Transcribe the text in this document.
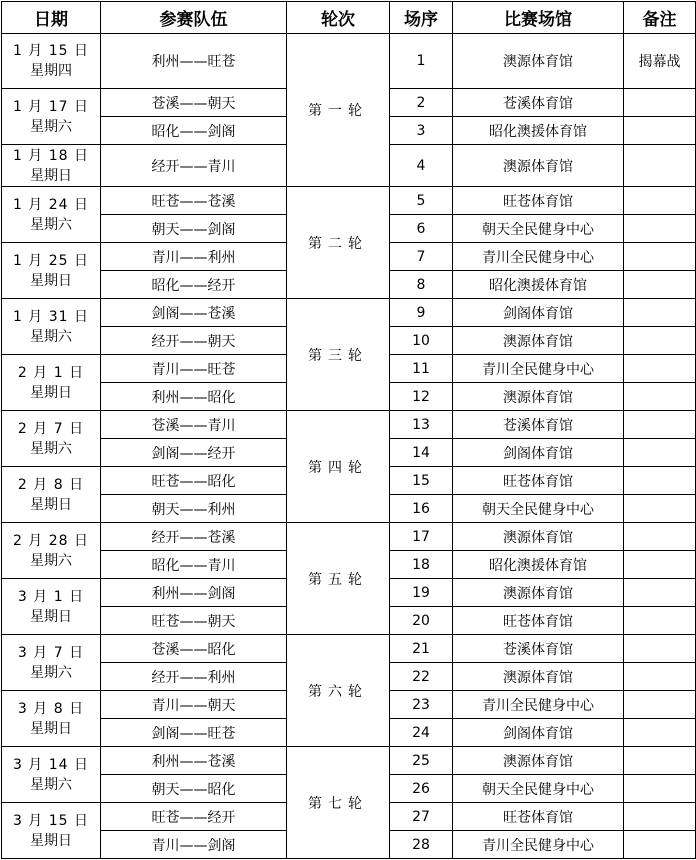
日期	参赛队伍	轮次	场序	比赛场馆	备注

1 月 15 日
星期四	利州——旺苍	第一轮	1	澳源体育馆	揭幕战

1 月 17 日
星期六	苍溪——朝天		2	苍溪体育馆	
	昭化——剑阁		3	昭化澳援体育馆	

1 月 18 日
星期日	经开——青川		4	澳源体育馆	

1 月 24 日
星期六	旺苍——苍溪	第二轮	5	旺苍体育馆	
	朝天——剑阁		6	朝天全民健身中心	

1 月 25 日
星期日	青川——利州		7	青川全民健身中心	
	昭化——经开		8	昭化澳援体育馆	

1 月 31 日
星期六	剑阁——苍溪	第三轮	9	剑阁体育馆	
	经开——朝天		10	澳源体育馆	

2 月 1 日
星期日	青川——旺苍		11	青川全民健身中心	
	利州——昭化		12	澳源体育馆	

2 月 7 日
星期六	苍溪——青川	第四轮	13	苍溪体育馆	
	剑阁——经开		14	剑阁体育馆	

2 月 8 日
星期日	旺苍——昭化		15	旺苍体育馆	
	朝天——利州		16	朝天全民健身中心	

2 月 28 日
星期六	经开——苍溪	第五轮	17	澳源体育馆	
	昭化——青川		18	昭化澳援体育馆	

3 月 1 日
星期日	利州——剑阁		19	澳源体育馆	
	旺苍——朝天		20	旺苍体育馆	

3 月 7 日
星期六	苍溪——昭化	第六轮	21	苍溪体育馆	
	经开——利州		22	澳源体育馆	

3 月 8 日
星期日	青川——朝天		23	青川全民健身中心	
	剑阁——旺苍		24	剑阁体育馆	

3 月 14 日
星期六	利州——苍溪	第七轮	25	澳源体育馆	
	朝天——昭化		26	朝天全民健身中心	

3 月 15 日
星期日	旺苍——经开		27	旺苍体育馆	
	青川——剑阁		28	青川全民健身中心	
